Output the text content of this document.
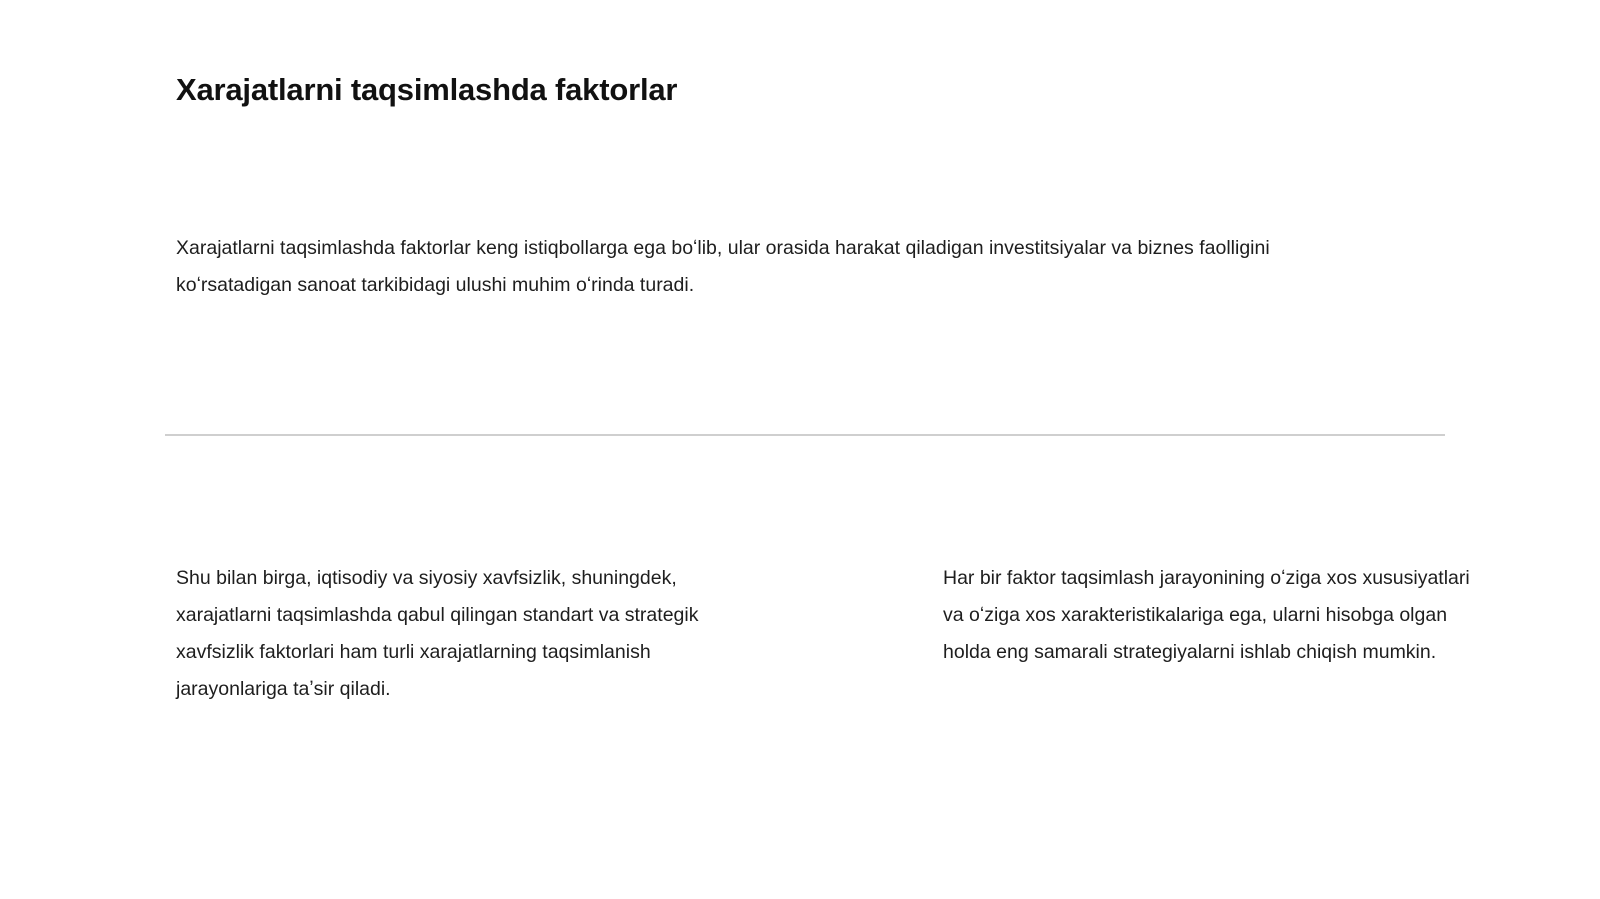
Xarajatlarni taqsimlashda faktorlar

Xarajatlarni taqsimlashda faktorlar keng istiqbollarga ega boʻlib, ular orasida harakat qiladigan investitsiyalar va biznes faolligini koʻrsatadigan sanoat tarkibidagi ulushi muhim oʻrinda turadi.

Shu bilan birga, iqtisodiy va siyosiy xavfsizlik, shuningdek, xarajatlarni taqsimlashda qabul qilingan standart va strategik xavfsizlik faktorlari ham turli xarajatlarning taqsimlanish jarayonlariga taʼsir qiladi.

Har bir faktor taqsimlash jarayonining oʻziga xos xususiyatlari va oʻziga xos xarakteristikalariga ega, ularni hisobga olgan holda eng samarali strategiyalarni ishlab chiqish mumkin.
